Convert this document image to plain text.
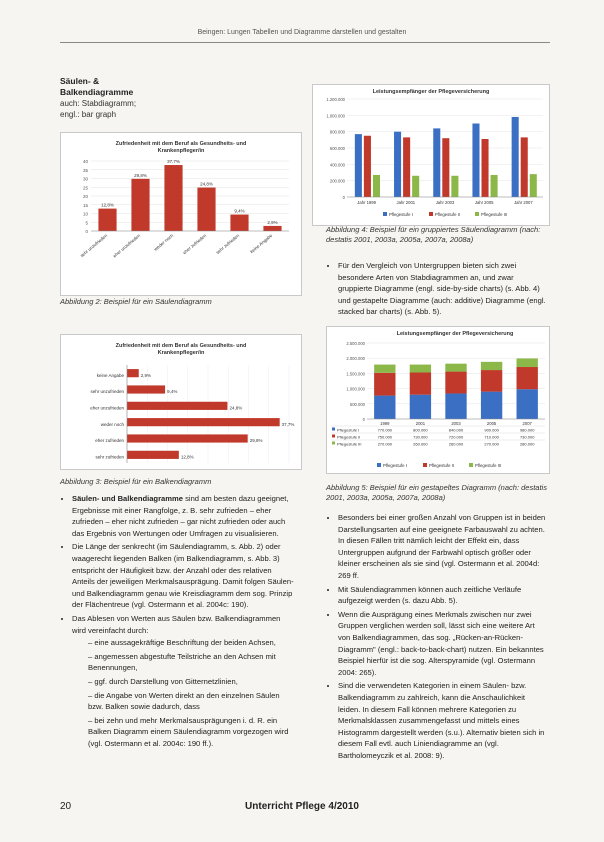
Beingen: Lungen Tabellen und Diagramme darstellen und gestalten
Säulen- &
Balkendiagramme
auch: Stabdiagramm;
engl.: bar graph
Zufriedenheit mit dem Beruf als Gesundheits- und
Krankenpfleger/in
0
5
10
15
20
25
30
35
40
12,8%
sehr unzufrieden
29,8%
eher unzufrieden
37,7%
weder noch
24,8%
eher zufrieden
9,4%
sehr zufrieden
2,9%
keine Angabe
Abbildung 2: Beispiel für ein Säulendiagramm
Zufriedenheit mit dem Beruf als Gesundheits- und
Krankenpfleger/in
2,9%
keine Angabe
9,4%
sehr unzufrieden
24,8%
eher unzufrieden
37,7%
weder noch
29,8%
eher zufrieden
12,8%
sehr zufrieden
Abbildung 3: Beispiel für ein Balkendiagramm
• Säulen- und Balkendiagramme sind am besten dazu geeignet, Ergebnisse mit einer Rangfolge, z. B. sehr zufrieden – eher zufrieden – eher nicht zufrieden – gar nicht zufrieden oder auch das Ergebnis von Wertungen oder Umfragen zu visualisieren.
• Die Länge der senkrecht (im Säulendiagramm, s. Abb. 2) oder waagerecht liegenden Balken (im Balkendiagramm, s. Abb. 3) entspricht der Häufigkeit bzw. der Anzahl oder des relativen Anteils der jeweiligen Merkmalsausprägung. Damit folgen Säulen- und Balkendiagramm genau wie Kreisdiagramm dem sog. Prinzip der Flächentreue (vgl. Ostermann et al. 2004c: 190).
• Das Ablesen von Werten aus Säulen bzw. Balkendiagrammen wird vereinfacht durch:
– eine aussagekräftige Beschriftung der beiden Achsen,
– angemessen abgestufte Teilstriche an den Achsen mit Benennungen,
– ggf. durch Darstellung von Gitternetzlinien,
– die Angabe von Werten direkt an den einzelnen Säulen bzw. Balken sowie dadurch, dass
– bei zehn und mehr Merkmalsausprägungen i. d. R. ein Balken Diagramm einem Säulendiagramm vorgezogen wird (vgl. Ostermann et al. 2004c: 190 ff.).
Leistungsempfänger der Pflegeversicherung
0
200.000
400.000
600.000
800.000
1.000.000
1.200.000
Jahr 1999	Jahr 2001	Jahr 2003	Jahr 2005	Jahr 2007
Pflegestufe I	Pflegestufe II	Pflegestufe III
Abbildung 4: Beispiel für ein gruppiertes Säulendiagramm (nach: destatis 2001, 2003a, 2005a, 2007a, 2008a)
• Für den Vergleich von Untergruppen bieten sich zwei besondere Arten von Stabdiagrammen an, und zwar gruppierte Diagramme (engl. side-by-side charts) (s. Abb. 4) und gestapelte Diagramme (auch: additive) Diagramme (engl. stacked bar charts) (s. Abb. 5).
Leistungsempfänger der Pflegeversicherung
0
500.000
1.000.000
1.500.000
2.000.000
2.500.000
1999	2001	2003	2005	2007
Pflegestufe I	770.000	800.000	840.000	900.000	980.000
Pflegestufe II	750.000	730.000	720.000	710.000	730.000
Pflegestufe III	270.000	260.000	260.000	270.000	280.000
Pflegestufe I	Pflegestufe II	Pflegestufe III
Abbildung 5: Beispiel für ein gestapeltes Diagramm (nach: destatis 2001, 2003a, 2005a, 2007a, 2008a)
• Besonders bei einer großen Anzahl von Gruppen ist in beiden Darstellungsarten auf eine geeignete Farbauswahl zu achten. In diesen Fällen tritt nämlich leicht der Effekt ein, dass Untergruppen aufgrund der Farbwahl optisch größer oder kleiner erscheinen als sie sind (vgl. Ostermann et al. 2004d: 269 ff.
• Mit Säulendiagrammen können auch zeitliche Verläufe aufgezeigt werden (s. dazu Abb. 5).
• Wenn die Ausprägung eines Merkmals zwischen nur zwei Gruppen verglichen werden soll, lässt sich eine weitere Art von Balkendiagrammen, das sog. „Rücken-an-Rücken-Diagramm" (engl.: back-to-back-chart) nutzen. Ein bekanntes Beispiel hierfür ist die sog. Alterspyramide (vgl. Ostermann 2004: 265).
• Sind die verwendeten Kategorien in einem Säulen- bzw. Balkendiagramm zu zahlreich, kann die Anschaulichkeit leiden. In diesem Fall können mehrere Kategorien zu Merkmalsklassen zusammengefasst und mittels eines Histogramm dargestellt werden (s.u.). Alternativ bieten sich in diesem Fall evtl. auch Liniendiagramme an (vgl. Bartholomeyczik et al. 2008: 9).
20	Unterricht Pflege 4/2010
